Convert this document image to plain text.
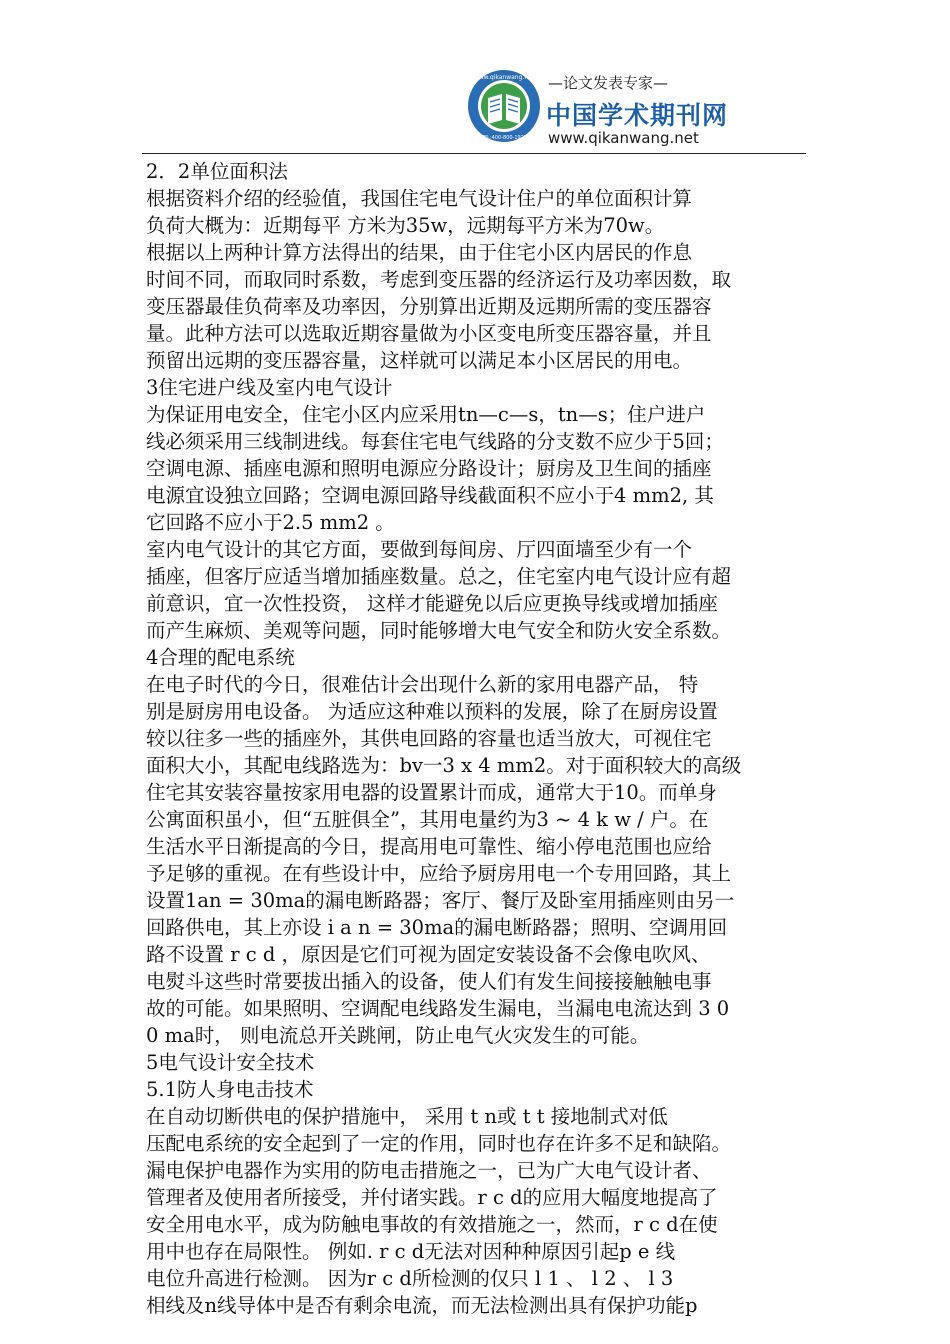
www.qikanwang.net
TEL:400-800-1922
—论文发表专家—
中国学术期刊网
www.qikanwang.net
2．2单位面积法
根据资料介绍的经验值，我国住宅电气设计住户的单位面积计算
负荷大概为：近期每平 方米为35w，远期每平方米为70w。
根据以上两种计算方法得出的结果，由于住宅小区内居民的作息
时间不同，而取同时系数，考虑到变压器的经济运行及功率因数，取
变压器最佳负荷率及功率因，分别算出近期及远期所需的变压器容
量。此种方法可以选取近期容量做为小区变电所变压器容量，并且
预留出远期的变压器容量，这样就可以满足本小区居民的用电。
3住宅进户线及室内电气设计
为保证用电安全，住宅小区内应采用tn—c—s，tn—s；住户进户
线必须采用三线制进线。每套住宅电气线路的分支数不应少于5回；
空调电源、插座电源和照明电源应分路设计；厨房及卫生间的插座
电源宜设独立回路；空调电源回路导线截面积不应小于4 mm2, 其
它回路不应小于2.5 mm2 。
室内电气设计的其它方面，要做到每间房、厅四面墙至少有一个
插座，但客厅应适当增加插座数量。总之，住宅室内电气设计应有超
前意识，宜一次性投资， 这样才能避免以后应更换导线或增加插座
而产生麻烦、美观等问题，同时能够增大电气安全和防火安全系数。
4合理的配电系统
在电子时代的今日，很难估计会出现什么新的家用电器产品， 特
别是厨房用电设备。 为适应这种难以预料的发展，除了在厨房设置
较以往多一些的插座外，其供电回路的容量也适当放大，可视住宅
面积大小，其配电线路选为：bv一3 x 4 mm2。对于面积较大的高级
住宅其安装容量按家用电器的设置累计而成，通常大于10。而单身
公寓面积虽小，但“五脏俱全”，其用电量约为3 ~ 4 k w / 户。在
生活水平日渐提高的今日，提高用电可靠性、缩小停电范围也应给
予足够的重视。在有些设计中，应给予厨房用电一个专用回路，其上
设置1an = 30ma的漏电断路器；客厅、餐厅及卧室用插座则由另一
回路供电，其上亦设 i a n = 30ma的漏电断路器；照明、空调用回
路不设置 r c d ，原因是它们可视为固定安装设备不会像电吹风、
电熨斗这些时常要拔出插入的设备，使人们有发生间接接触触电事
故的可能。如果照明、空调配电线路发生漏电，当漏电电流达到 3 0
0 ma时， 则电流总开关跳闸，防止电气火灾发生的可能。
5电气设计安全技术
5.1防人身电击技术
在自动切断供电的保护措施中， 采用 t n或 t t 接地制式对低
压配电系统的安全起到了一定的作用，同时也存在许多不足和缺陷。
漏电保护电器作为实用的防电击措施之一，已为广大电气设计者、
管理者及使用者所接受，并付诸实践。r c d的应用大幅度地提高了
安全用电水平，成为防触电事故的有效措施之一，然而，r c d在使
用中也存在局限性。 例如. r c d无法对因种种原因引起p e 线
电位升高进行检测。 因为r c d所检测的仅只 l 1 、 l 2 、 l 3
相线及n线导体中是否有剩余电流，而无法检测出具有保护功能p
